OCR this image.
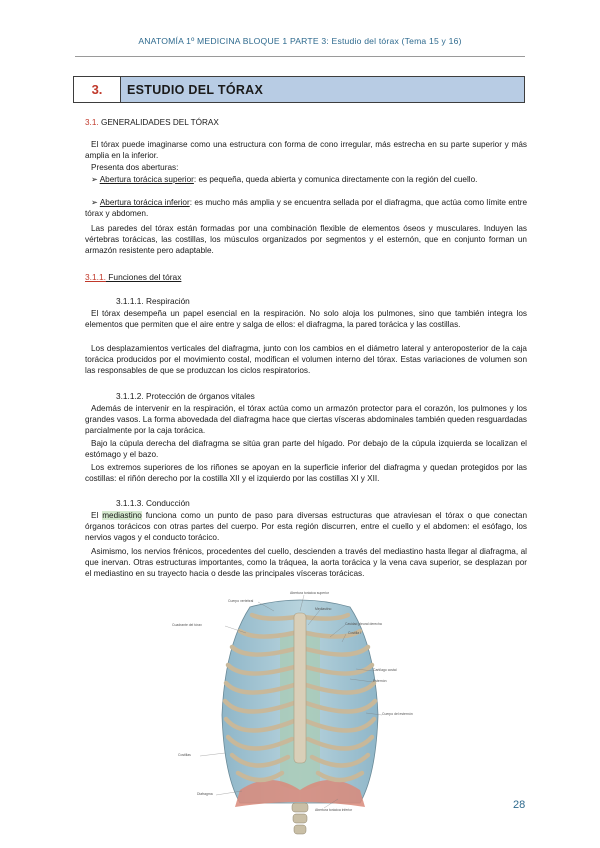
ANATOMÍA 1º MEDICINA BLOQUE 1 PARTE 3: Estudio del tórax (Tema 15 y 16)
3.	ESTUDIO DEL TÓRAX
3.1. GENERALIDADES DEL TÓRAX
El tórax puede imaginarse como una estructura con forma de cono irregular, más estrecha en su parte superior y más amplia en la inferior.
Presenta dos aberturas:
➢ Abertura torácica superior: es pequeña, queda abierta y comunica directamente con la región del cuello.
➢ Abertura torácica inferior: es mucho más amplia y se encuentra sellada por el diafragma, que actúa como límite entre tórax y abdomen.
Las paredes del tórax están formadas por una combinación flexible de elementos óseos y musculares. Induyen las vértebras torácicas, las costillas, los músculos organizados por segmentos y el esternón, que en conjunto forman un armazón resistente pero adaptable.
3.1.1. Funciones del tórax
3.1.1.1. Respiración
El tórax desempeña un papel esencial en la respiración. No solo aloja los pulmones, sino que también integra los elementos que permiten que el aire entre y salga de ellos: el diafragma, la pared torácica y las costillas.
Los desplazamientos verticales del diafragma, junto con los cambios en el diámetro lateral y anteroposterior de la caja torácica producidos por el movimiento costal, modifican el volumen interno del tórax. Estas variaciones de volumen son las responsables de que se produzcan los ciclos respiratorios.
3.1.1.2. Protección de órganos vitales
Además de intervenir en la respiración, el tórax actúa como un armazón protector para el corazón, los pulmones y los grandes vasos. La forma abovedada del diafragma hace que ciertas vísceras abdominales también queden resguardadas parcialmente por la caja torácica.
Bajo la cúpula derecha del diafragma se sitúa gran parte del hígado. Por debajo de la cúpula izquierda se localizan el estómago y el bazo.
Los extremos superiores de los riñones se apoyan en la superficie inferior del diafragma y quedan protegidos por las costillas: el riñón derecho por la costilla XII y el izquierdo por las costillas XI y XII.
3.1.1.3. Conducción
El mediastino funciona como un punto de paso para diversas estructuras que atraviesan el tórax o que conectan órganos torácicos con otras partes del cuerpo. Por esta región discurren, entre el cuello y el abdomen: el esófago, los nervios vagos y el conducto torácico.
Asimismo, los nervios frénicos, procedentes del cuello, descienden a través del mediastino hasta llegar al diafragma, al que inervan. Otras estructuras importantes, como la tráquea, la aorta torácica y la vena cava superior, se desplazan por el mediastino en su trayecto hacia o desde las principales vísceras torácicas.
Cuerpo vertebral
Abertura torácica superior
Mediastino
Cuadrante del tórax	Cavidad pleural derecha
Costilla I
Cartílago costal
Esternón
Cuerpo del esternón
Costillas
Diafragma
Abertura torácica inferior	28
